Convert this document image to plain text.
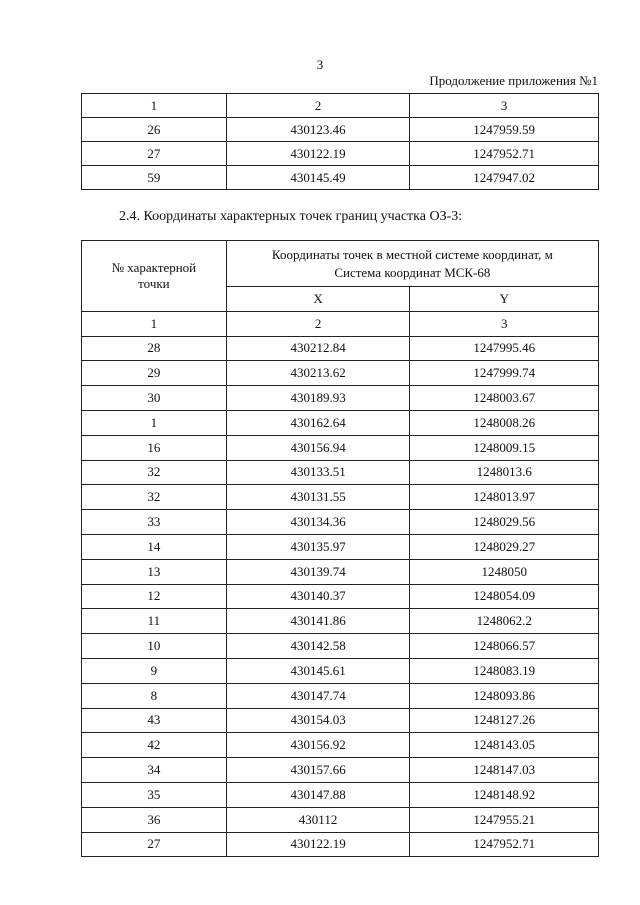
3
Продолжение приложения №1
1	2	3
26	430123.46	1247959.59
27	430122.19	1247952.71
59	430145.49	1247947.02
2.4. Координаты характерных точек границ участка ОЗ-3:
№ характерной
точки	Координаты точек в местной системе координат, м
Система координат МСК-68	
	X	Y
1	2	3
28	430212.84	1247995.46
29	430213.62	1247999.74
30	430189.93	1248003.67
1	430162.64	1248008.26
16	430156.94	1248009.15
32	430133.51	1248013.6
32	430131.55	1248013.97
33	430134.36	1248029.56
14	430135.97	1248029.27
13	430139.74	1248050
12	430140.37	1248054.09
11	430141.86	1248062.2
10	430142.58	1248066.57
9	430145.61	1248083.19
8	430147.74	1248093.86
43	430154.03	1248127.26
42	430156.92	1248143.05
34	430157.66	1248147.03
35	430147.88	1248148.92
36	430112	1247955.21
27	430122.19	1247952.71
